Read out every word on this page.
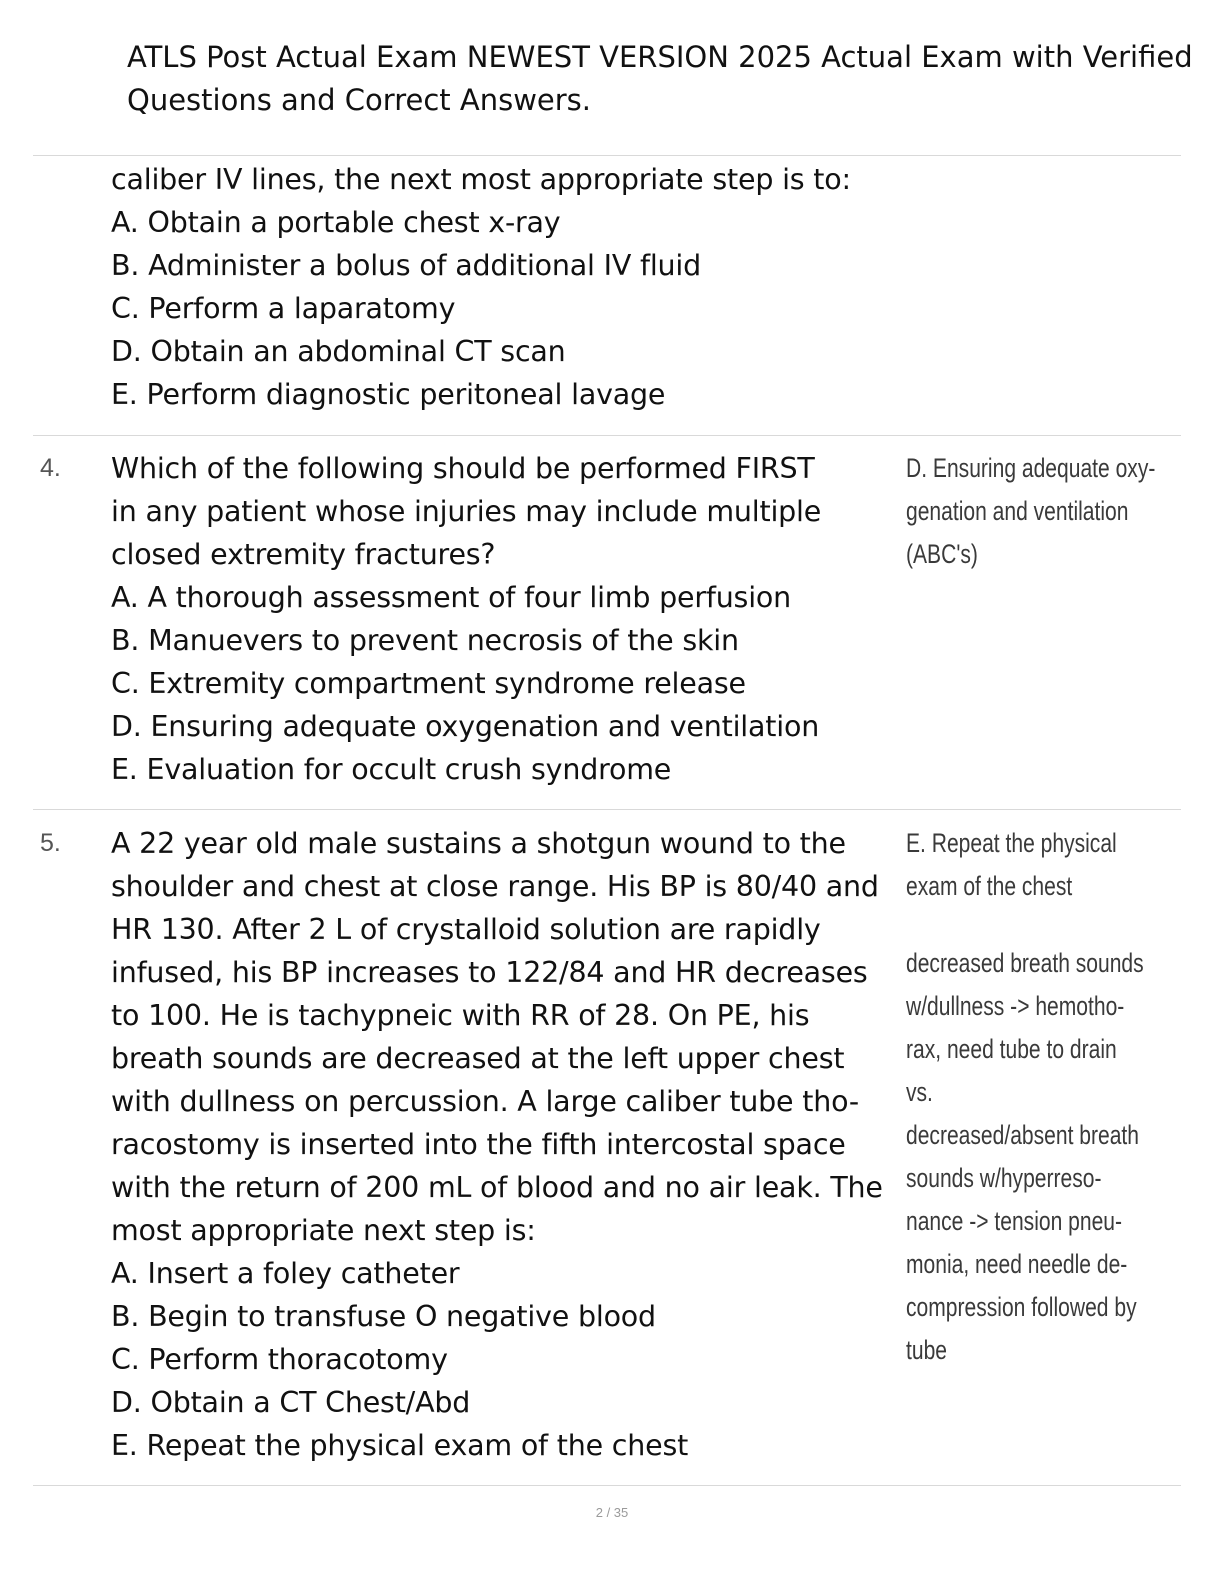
ATLS Post Actual Exam NEWEST VERSION 2025 Actual Exam with Verified
Questions and Correct Answers.
caliber IV lines, the next most appropriate step is to:
A. Obtain a portable chest x-ray
B. Administer a bolus of additional IV fluid
C. Perform a laparatomy
D. Obtain an abdominal CT scan
E. Perform diagnostic peritoneal lavage
4. Which of the following should be performed FIRST
in any patient whose injuries may include multiple
closed extremity fractures?
A. A thorough assessment of four limb perfusion
B. Manuevers to prevent necrosis of the skin
C. Extremity compartment syndrome release
D. Ensuring adequate oxygenation and ventilation
E. Evaluation for occult crush syndrome
D. Ensuring adequate oxy-
genation and ventilation
(ABC's)
5. A 22 year old male sustains a shotgun wound to the
shoulder and chest at close range. His BP is 80/40 and
HR 130. After 2 L of crystalloid solution are rapidly
infused, his BP increases to 122/84 and HR decreases
to 100. He is tachypneic with RR of 28. On PE, his
breath sounds are decreased at the left upper chest
with dullness on percussion. A large caliber tube tho-
racostomy is inserted into the fifth intercostal space
with the return of 200 mL of blood and no air leak. The
most appropriate next step is:
A. Insert a foley catheter
B. Begin to transfuse O negative blood
C. Perform thoracotomy
D. Obtain a CT Chest/Abd
E. Repeat the physical exam of the chest
E. Repeat the physical
exam of the chest
decreased breath sounds
w/dullness -> hemotho-
rax, need tube to drain
vs.
decreased/absent breath
sounds w/hyperreso-
nance -> tension pneu-
monia, need needle de-
compression followed by
tube
2 / 35
